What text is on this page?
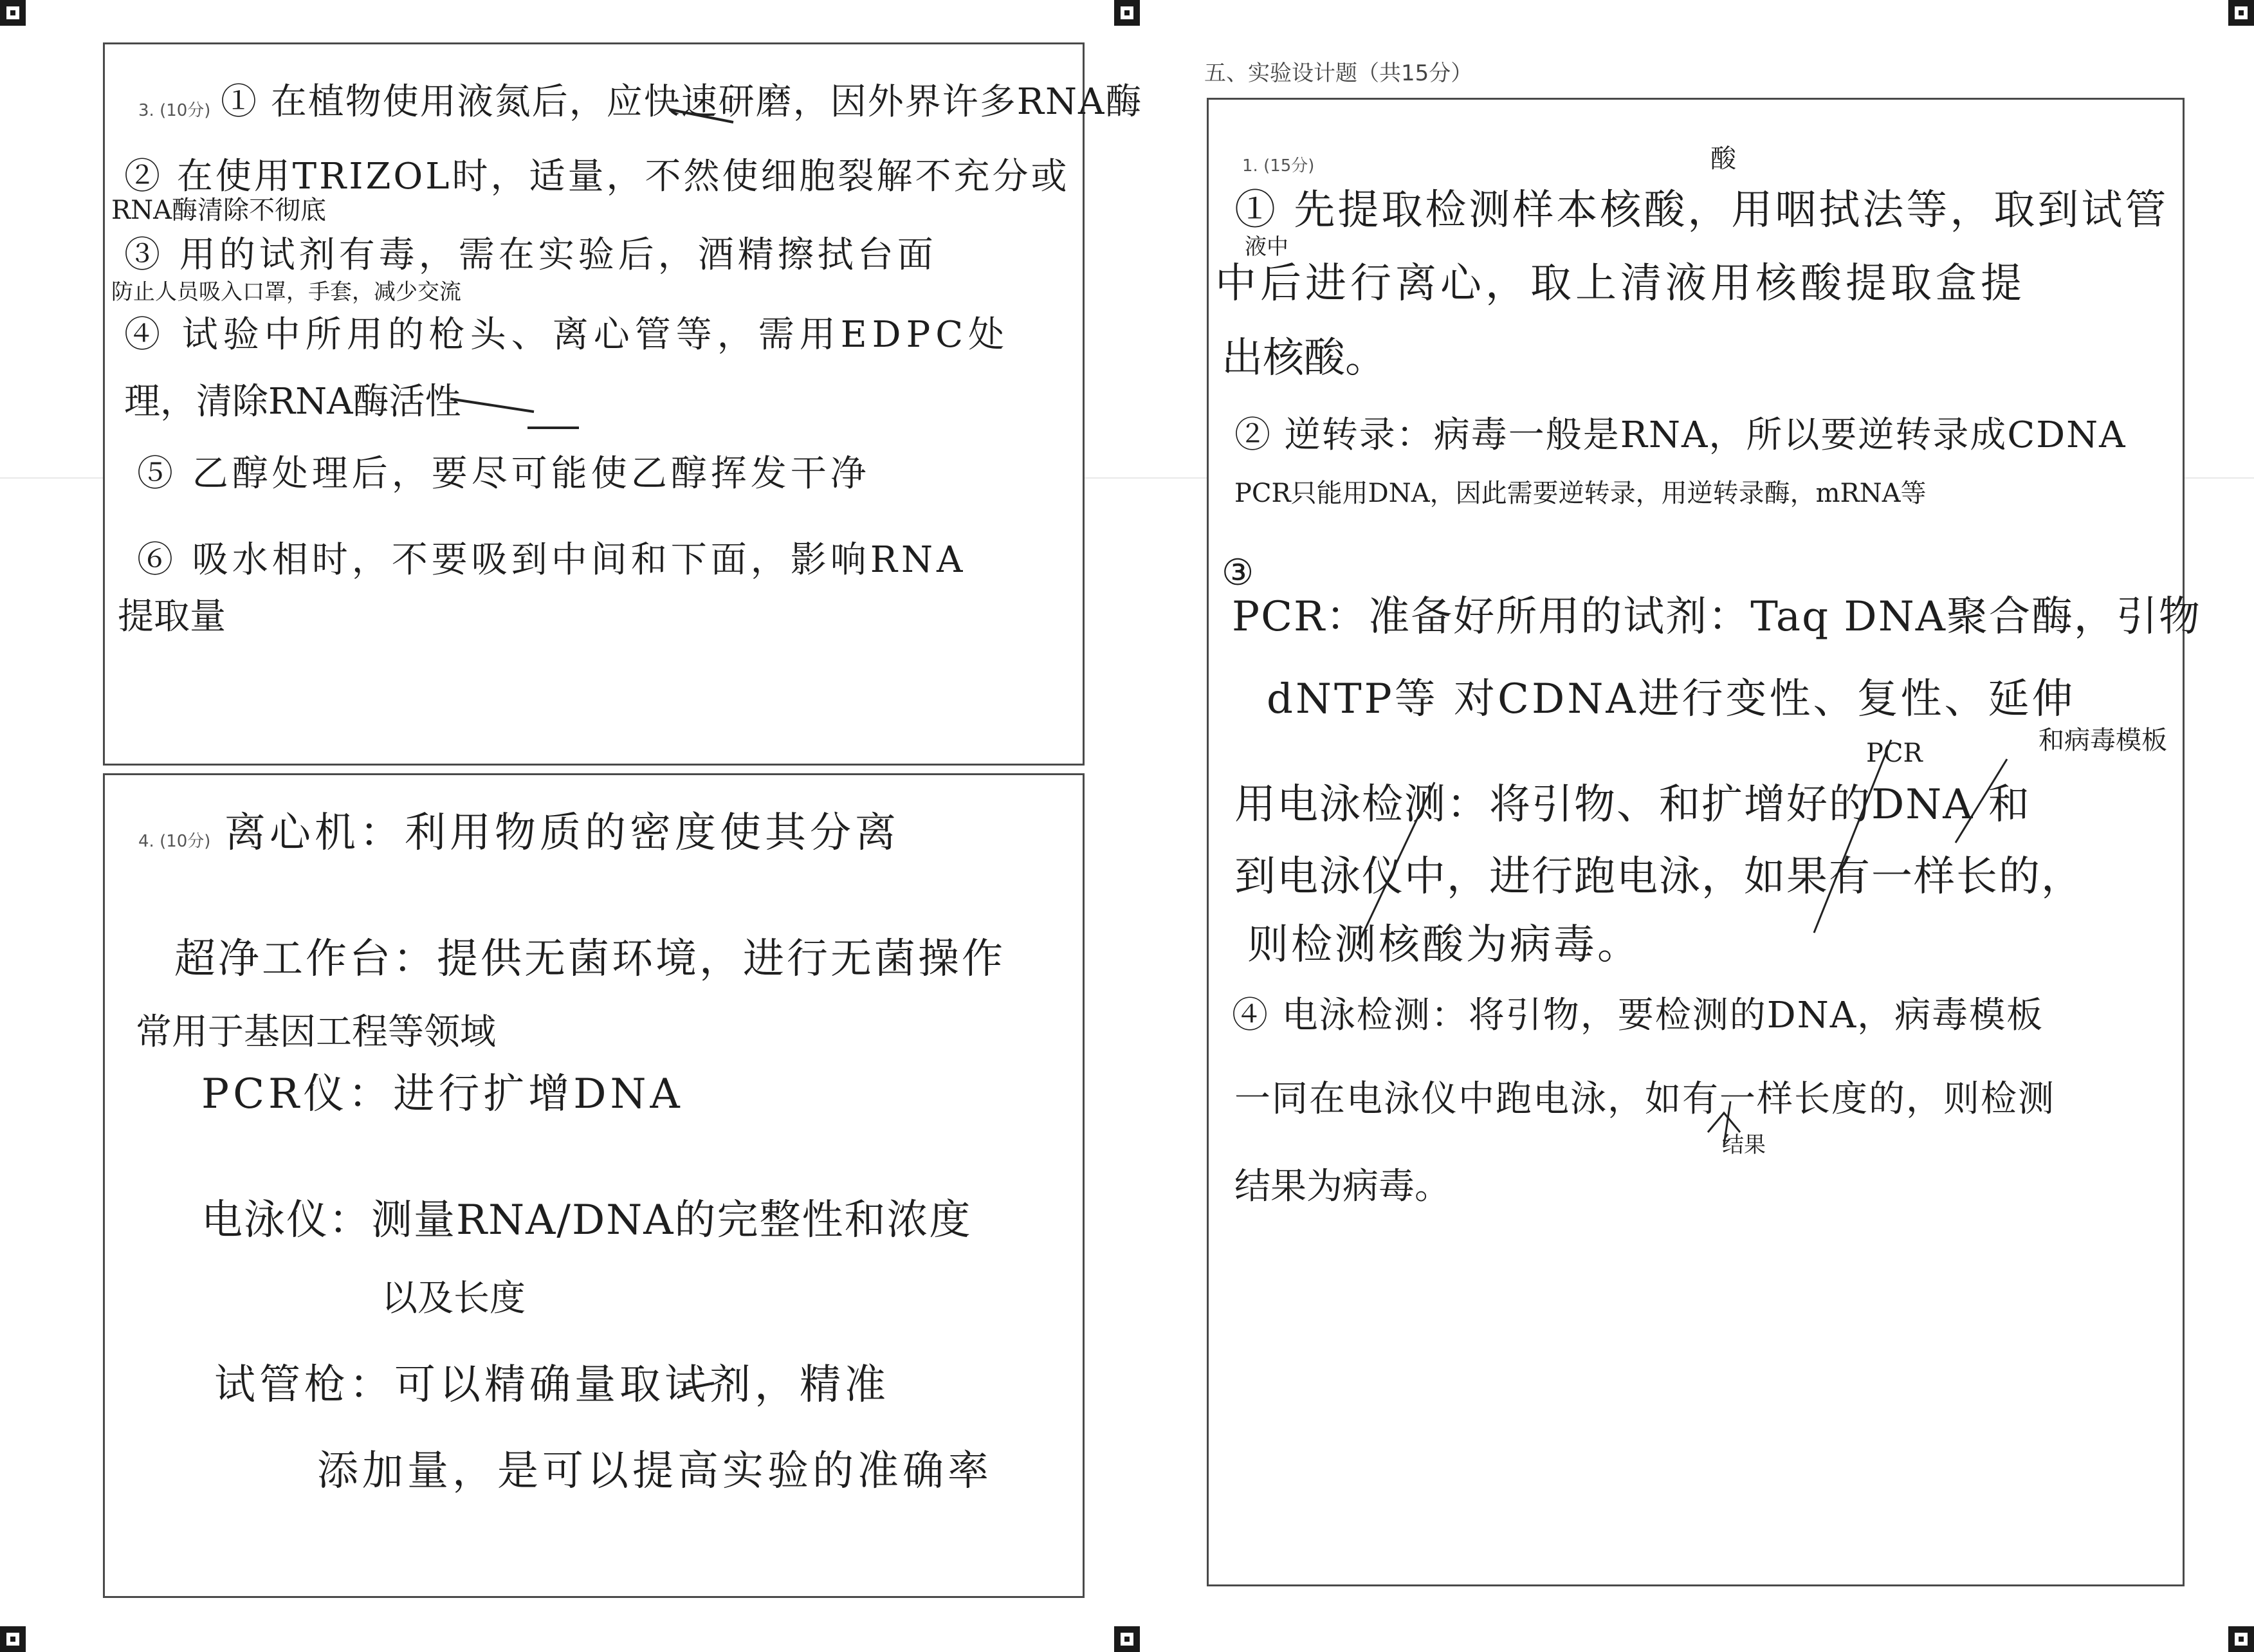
3. (10分) ① 在植物使用液氮后，应快速研磨，因外界许多RNA酶
② 在使用TRIZOL时，适量，不然使细胞裂解不充分或
RNA酶清除不彻底
③ 用的试剂有毒，需在实验后，酒精擦拭台面
防止人员吸入口罩，手套，减少交流
④ 试验中所用的枪头、离心管等，需用EDPC处
理，清除RNA酶活性
⑤ 乙醇处理后，要尽可能使乙醇挥发干净
⑥ 吸水相时，不要吸到中间和下面，影响RNA
提取量
4. (10分) 离心机：利用物质的密度使其分离
超净工作台：提供无菌环境，进行无菌操作
常用于基因工程等领域
PCR仪：进行扩增DNA
电泳仪：测量RNA/DNA的完整性和浓度
以及长度
试管枪：可以精确量取试剂，精准
添加量，是可以提高实验的准确率
五、实验设计题（共15分）
1. (15分)
① 先提取检测样本核酸，用咽拭法等，取到试管
酸
液中
中后进行离心，取上清液用核酸提取盒提
出核酸。
② 逆转录：病毒一般是RNA，所以要逆转录成CDNA
PCR只能用DNA，因此需要逆转录，用逆转录酶，mRNA等
③
PCR：准备好所用的试剂：Taq DNA聚合酶，引物
dNTP等 对CDNA进行变性、复性、延伸
PCR	和病毒模板
用电泳检测：将引物、和扩增好的DNA 和
到电泳仪中，进行跑电泳，如果有一样长的，
则检测核酸为病毒。
④ 电泳检测：将引物，要检测的DNA，病毒模板
一同在电泳仪中跑电泳，如有一样长度的，则检测
结果
结果为病毒。
